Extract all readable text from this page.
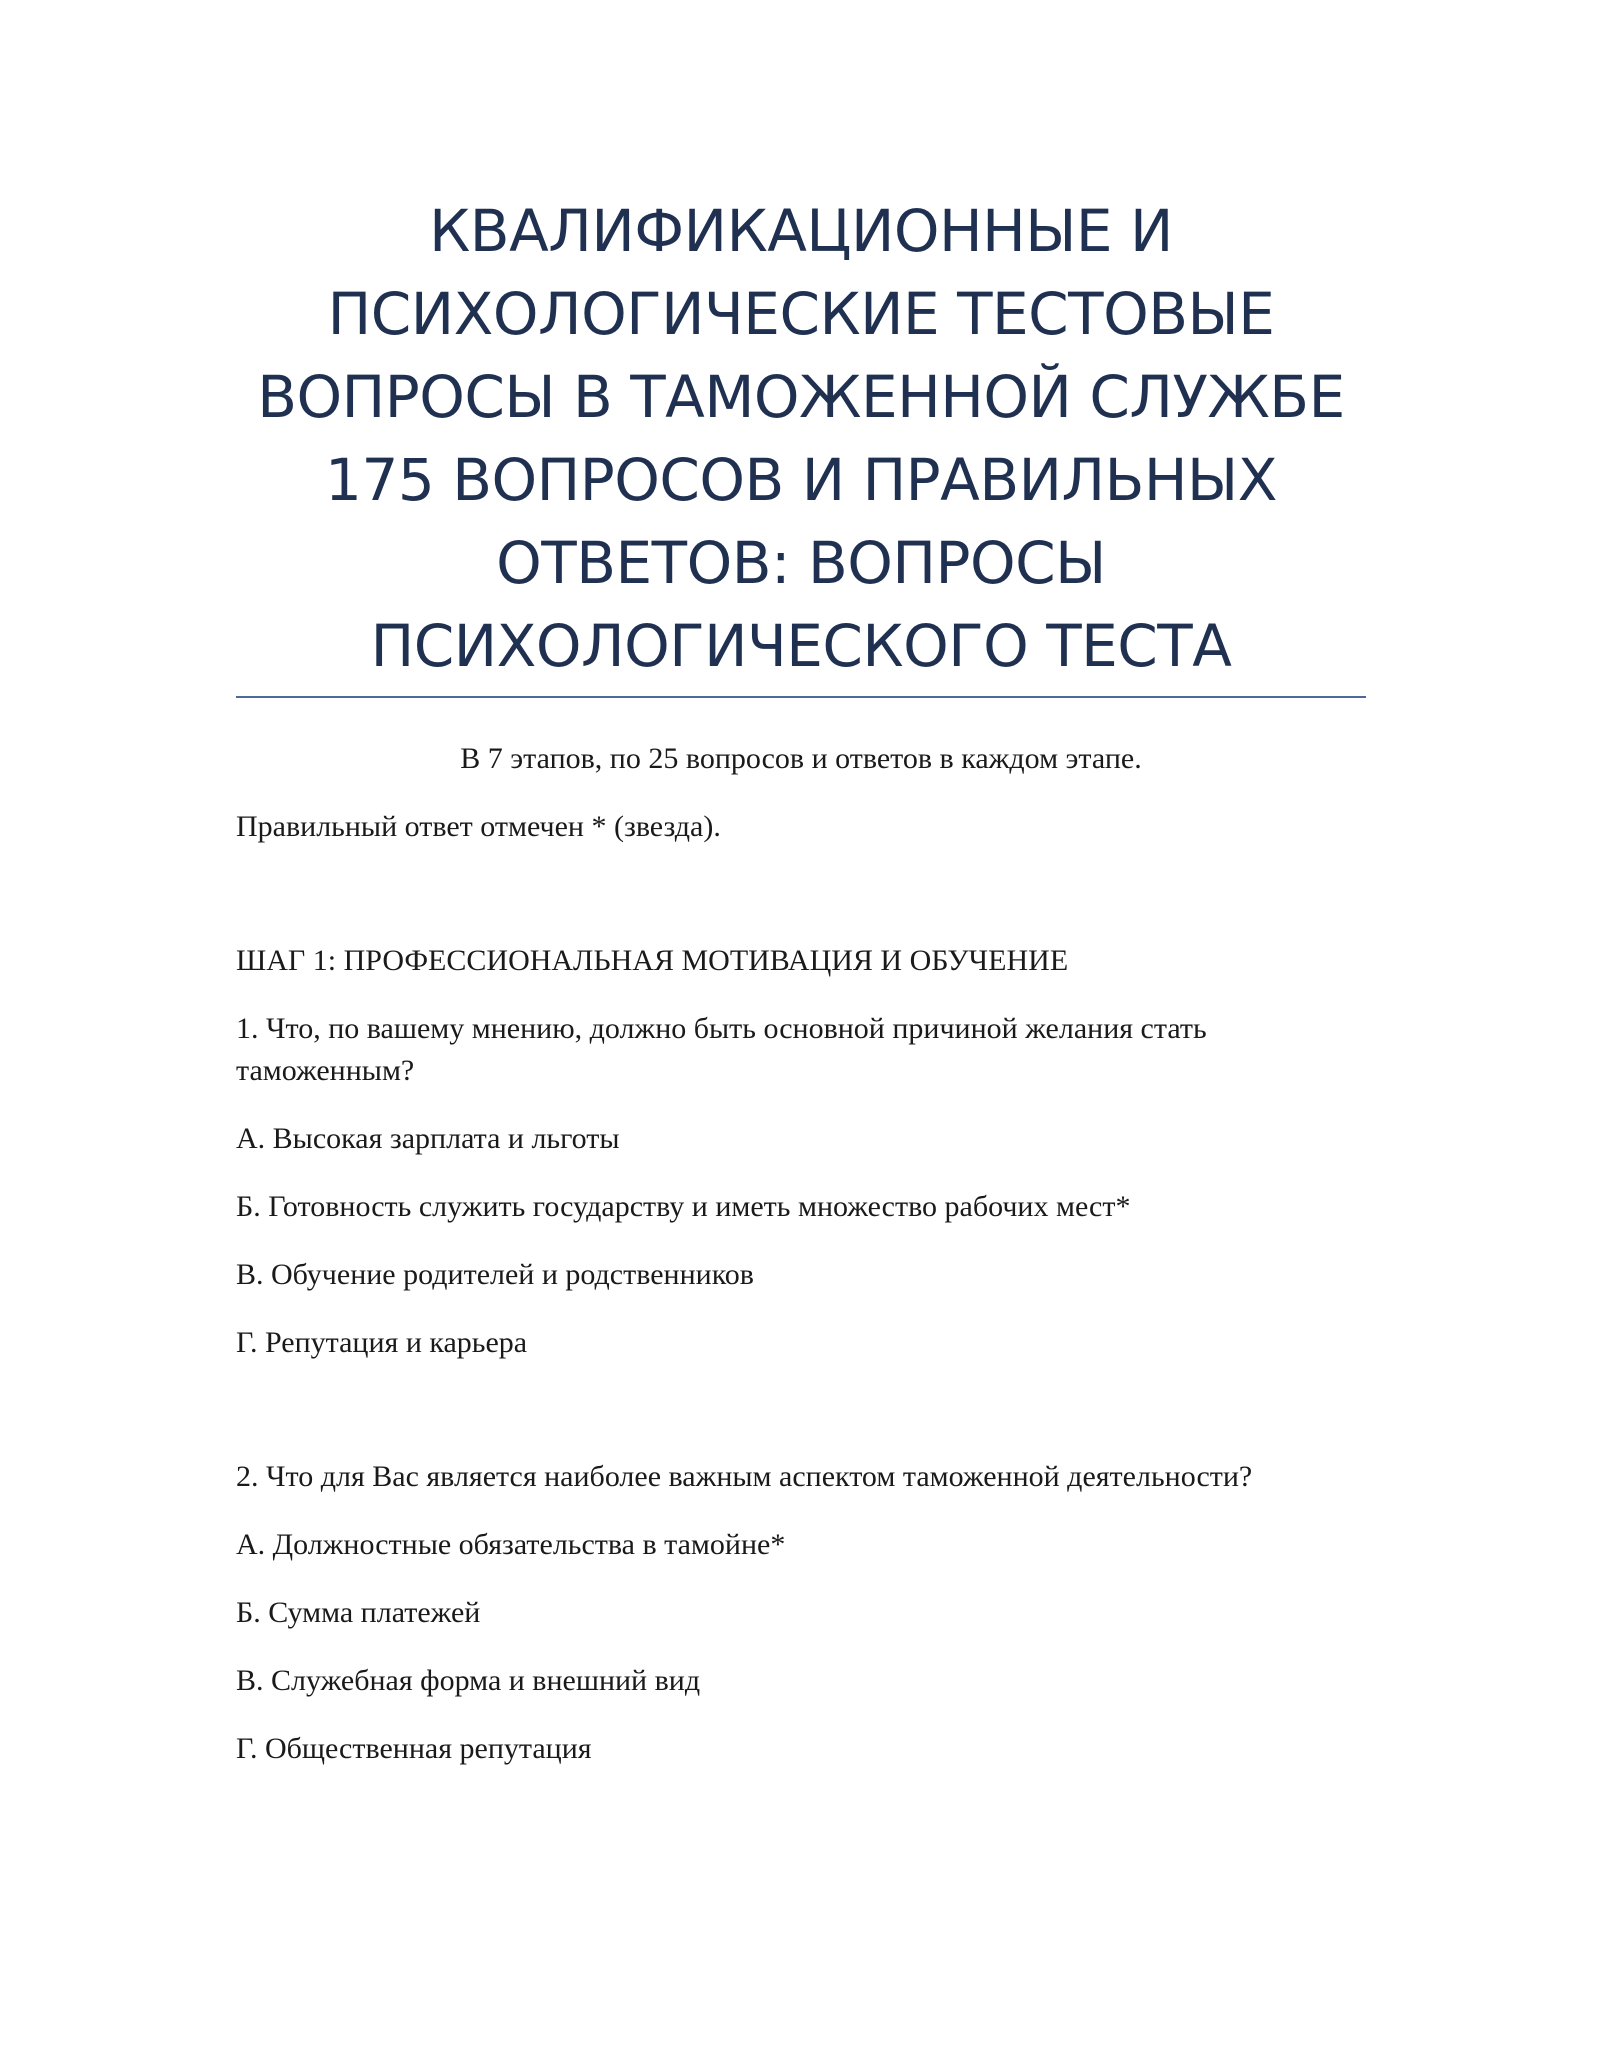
КВАЛИФИКАЦИОННЫЕ И
ПСИХОЛОГИЧЕСКИЕ ТЕСТОВЫЕ
ВОПРОСЫ В ТАМОЖЕННОЙ СЛУЖБЕ
175 ВОПРОСОВ И ПРАВИЛЬНЫХ
ОТВЕТОВ: ВОПРОСЫ
ПСИХОЛОГИЧЕСКОГО ТЕСТА
В 7 этапов, по 25 вопросов и ответов в каждом этапе.
Правильный ответ отмечен * (звезда).
ШАГ 1: ПРОФЕССИОНАЛЬНАЯ МОТИВАЦИЯ И ОБУЧЕНИЕ
1. Что, по вашему мнению, должно быть основной причиной желания стать
таможенным?
А. Высокая зарплата и льготы
Б. Готовность служить государству и иметь множество рабочих мест*
В. Обучение родителей и родственников
Г. Репутация и карьера
2. Что для Вас является наиболее важным аспектом таможенной деятельности?
А. Должностные обязательства в тамойне*
Б. Сумма платежей
В. Служебная форма и внешний вид
Г. Общественная репутация
